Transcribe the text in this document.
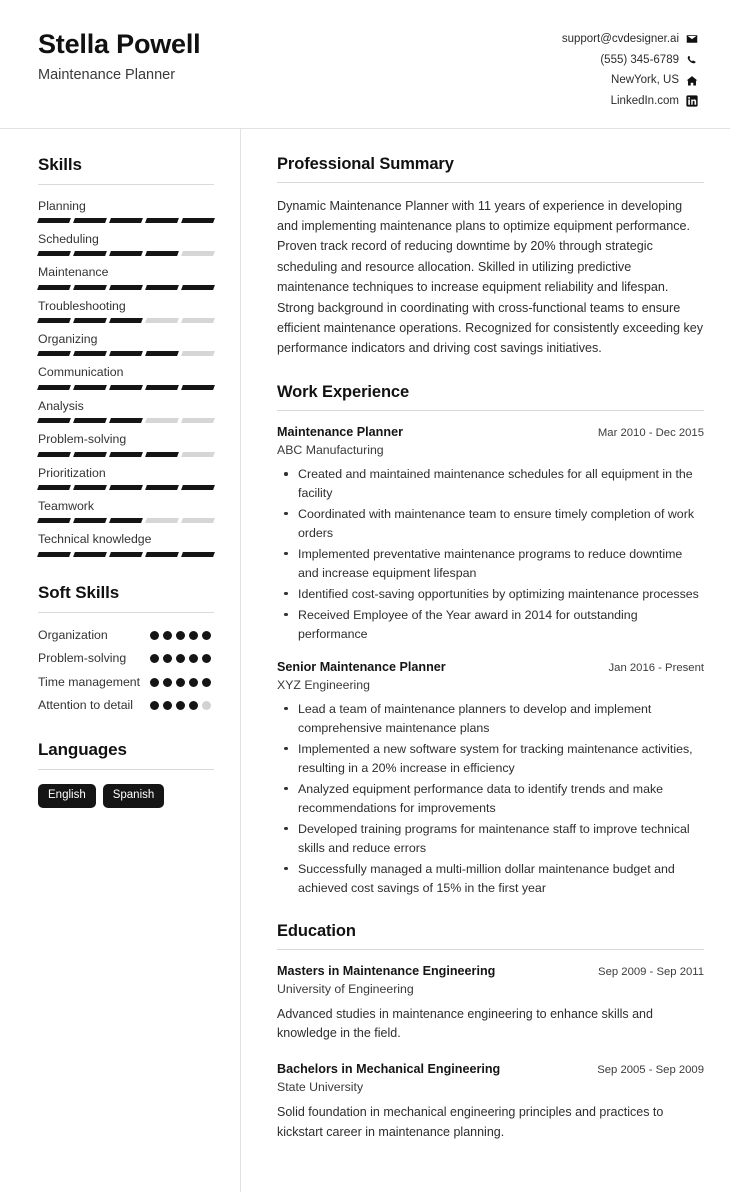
Stella Powell
Maintenance Planner
support@cvdesigner.ai
(555) 345-6789
NewYork, US
LinkedIn.com
Skills
Planning
Scheduling
Maintenance
Troubleshooting
Organizing
Communication
Analysis
Problem-solving
Prioritization
Teamwork
Technical knowledge
Soft Skills
Organization
Problem-solving
Time management
Attention to detail
Languages
English	Spanish
Professional Summary

Dynamic Maintenance Planner with 11 years of experience in developing and implementing maintenance plans to optimize equipment performance. Proven track record of reducing downtime by 20% through strategic scheduling and resource allocation. Skilled in utilizing predictive maintenance techniques to increase equipment reliability and lifespan. Strong background in coordinating with cross-functional teams to ensure efficient maintenance operations. Recognized for consistently exceeding key performance indicators and driving cost savings initiatives.

Work Experience
Maintenance Planner	Mar 2010 - Dec 2015
ABC Manufacturing
Created and maintained maintenance schedules for all equipment in the facility
Coordinated with maintenance team to ensure timely completion of work orders
Implemented preventative maintenance programs to reduce downtime and increase equipment lifespan
Identified cost-saving opportunities by optimizing maintenance processes
Received Employee of the Year award in 2014 for outstanding performance
Senior Maintenance Planner	Jan 2016 - Present
XYZ Engineering
Lead a team of maintenance planners to develop and implement comprehensive maintenance plans
Implemented a new software system for tracking maintenance activities, resulting in a 20% increase in efficiency
Analyzed equipment performance data to identify trends and make recommendations for improvements
Developed training programs for maintenance staff to improve technical skills and reduce errors
Successfully managed a multi-million dollar maintenance budget and achieved cost savings of 15% in the first year
Education
Masters in Maintenance Engineering	Sep 2009 - Sep 2011
University of Engineering
Advanced studies in maintenance engineering to enhance skills and knowledge in the field.
Bachelors in Mechanical Engineering	Sep 2005 - Sep 2009
State University
Solid foundation in mechanical engineering principles and practices to kickstart career in maintenance planning.
